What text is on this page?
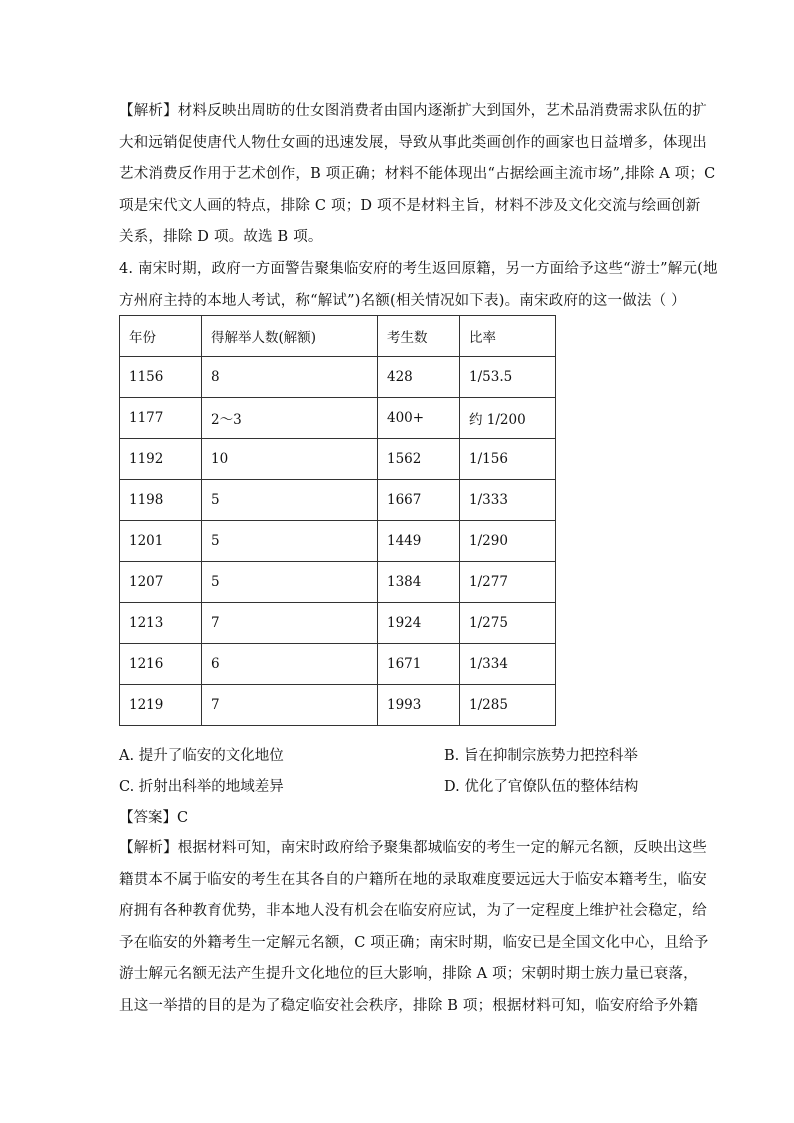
【解析】材料反映出周昉的仕女图消费者由国内逐渐扩大到国外，艺术品消费需求队伍的扩
大和远销促使唐代人物仕女画的迅速发展，导致从事此类画创作的画家也日益增多，体现出
艺术消费反作用于艺术创作，B 项正确；材料不能体现出“占据绘画主流市场”,排除 A 项；C
项是宋代文人画的特点，排除 C 项；D 项不是材料主旨，材料不涉及文化交流与绘画创新
关系，排除 D 项。故选 B 项。
4. 南宋时期，政府一方面警告聚集临安府的考生返回原籍，另一方面给予这些“游士”解元(地
方州府主持的本地人考试，称“解试”)名额(相关情况如下表)。南宋政府的这一做法（ ）
年份	得解举人数(解额)	考生数	比率
1156	8	428	1/53.5
1177	2～3	400+	约 1/200
1192	10	1562	1/156
1198	5	1667	1/333
1201	5	1449	1/290
1207	5	1384	1/277
1213	7	1924	1/275
1216	6	1671	1/334
1219	7	1993	1/285
A. 提升了临安的文化地位	B. 旨在抑制宗族势力把控科举
C. 折射出科举的地域差异	D. 优化了官僚队伍的整体结构
【答案】C
【解析】根据材料可知，南宋时政府给予聚集都城临安的考生一定的解元名额，反映出这些
籍贯本不属于临安的考生在其各自的户籍所在地的录取难度要远远大于临安本籍考生，临安
府拥有各种教育优势，非本地人没有机会在临安府应试，为了一定程度上维护社会稳定，给
予在临安的外籍考生一定解元名额，C 项正确；南宋时期，临安已是全国文化中心，且给予
游士解元名额无法产生提升文化地位的巨大影响，排除 A 项；宋朝时期士族力量已衰落，
且这一举措的目的是为了稳定临安社会秩序，排除 B 项；根据材料可知，临安府给予外籍
